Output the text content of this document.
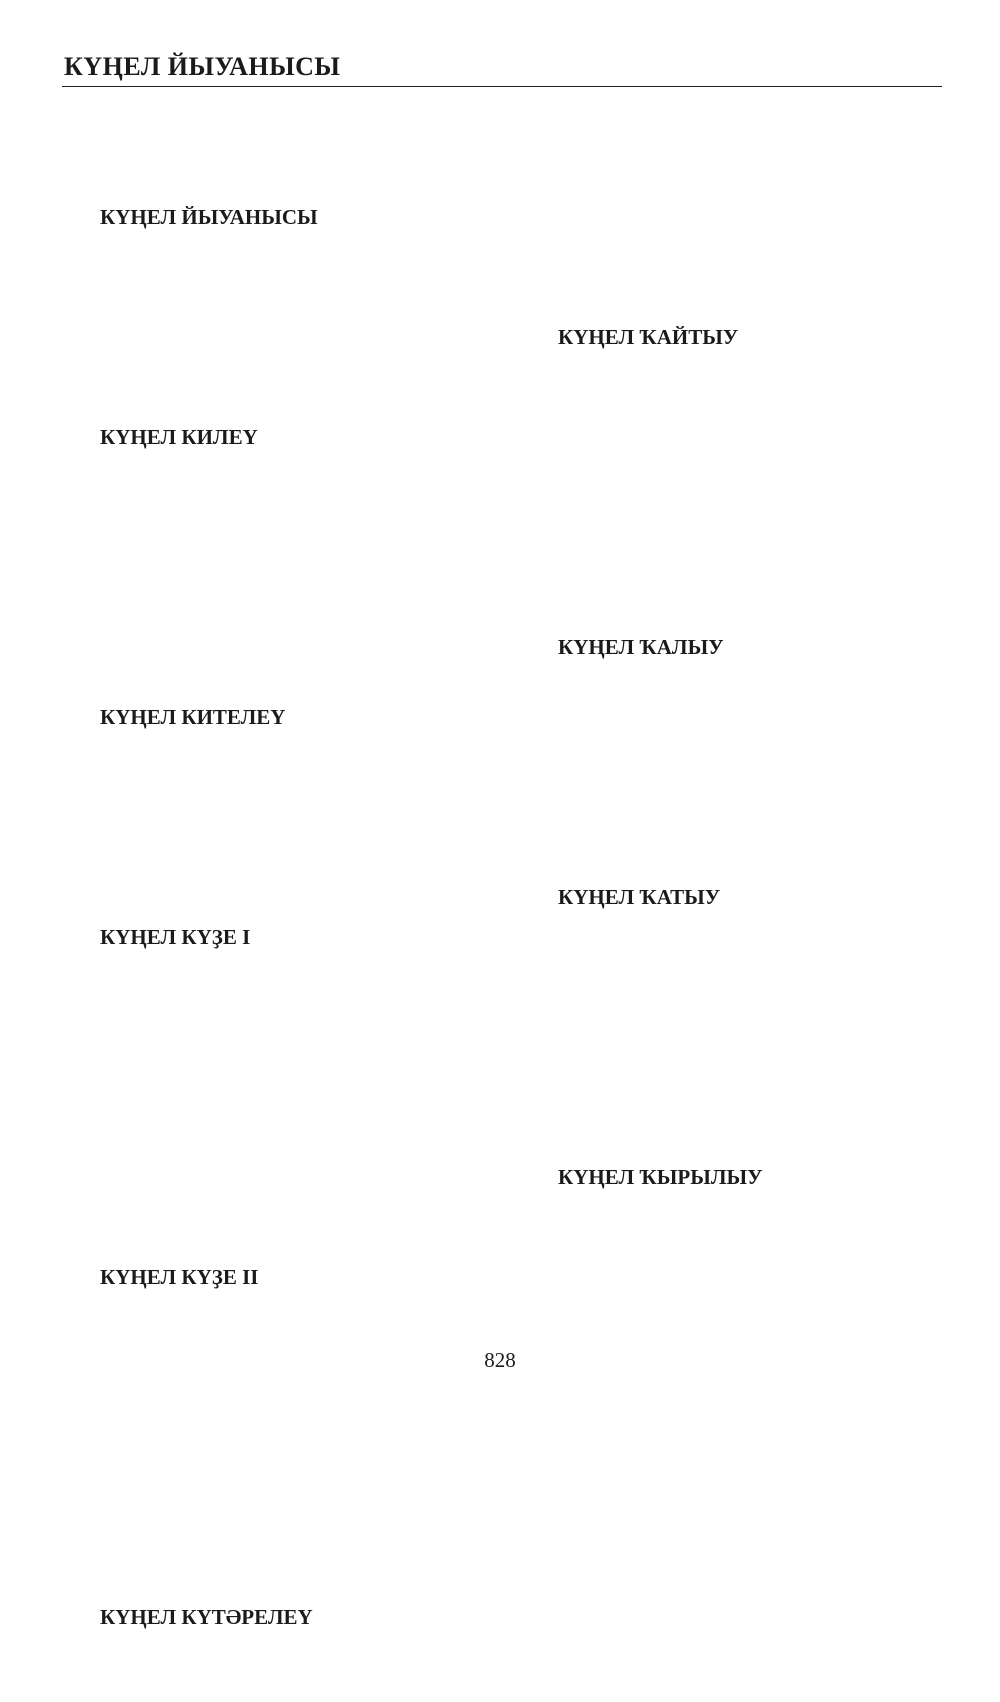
КҮҢЕЛ ЙЫУАНЫСЫ
КҮҢЕЛ ЙЫУАНЫСЫ
КҮҢЕЛ КИЛЕҮ
КҮҢЕЛ КИТЕЛЕҮ
КҮҢЕЛ КҮҘЕ I
КҮҢЕЛ КҮҘЕ II
КҮҢЕЛ КҮТӘРЕЛЕҮ
КҮҢЕЛ ҠАЙТЫУ
КҮҢЕЛ ҠАЛЫУ
КҮҢЕЛ ҠАТЫУ
КҮҢЕЛ ҠЫРЫЛЫУ
828
